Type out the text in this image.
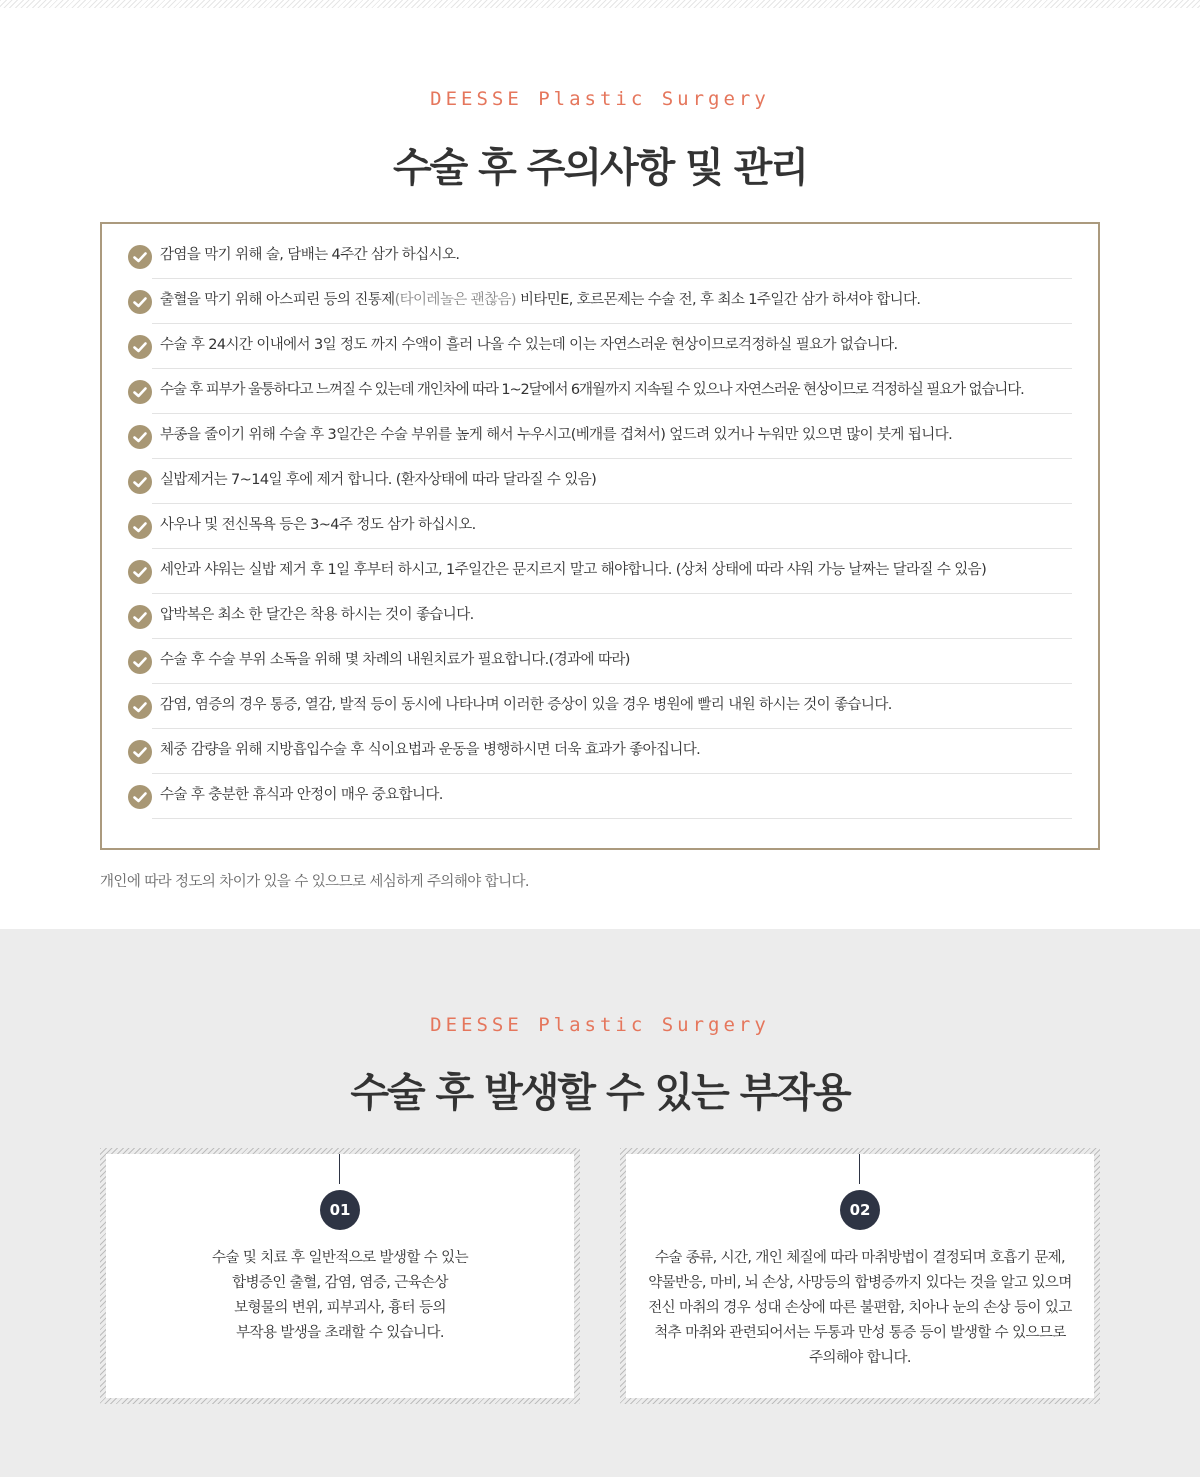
DEESSE Plastic Surgery
수술 후 주의사항 및 관리
감염을 막기 위해 술, 담배는 4주간 삼가 하십시오.
출혈을 막기 위해 아스피린 등의 진통제(타이레놀은 괜찮음) 비타민E, 호르몬제는 수술 전, 후 최소 1주일간 삼가 하셔야 합니다.
수술 후 24시간 이내에서 3일 정도 까지 수액이 흘러 나올 수 있는데 이는 자연스러운 현상이므로걱정하실 필요가 없습니다.
수술 후 피부가 울퉁하다고 느껴질 수 있는데 개인차에 따라 1~2달에서 6개월까지 지속될 수 있으나 자연스러운 현상이므로 걱정하실 필요가 없습니다.
부종을 줄이기 위해 수술 후 3일간은 수술 부위를 높게 해서 누우시고(베개를 겹쳐서) 엎드려 있거나 누워만 있으면 많이 붓게 됩니다.
실밥제거는 7~14일 후에 제거 합니다. (환자상태에 따라 달라질 수 있음)
사우나 및 전신목욕 등은 3~4주 정도 삼가 하십시오.
세안과 샤워는 실밥 제거 후 1일 후부터 하시고, 1주일간은 문지르지 말고 해야합니다. (상처 상태에 따라 샤워 가능 날짜는 달라질 수 있음)
압박복은 최소 한 달간은 착용 하시는 것이 좋습니다.
수술 후 수술 부위 소독을 위해 몇 차례의 내원치료가 필요합니다.(경과에 따라)
감염, 염증의 경우 통증, 열감, 발적 등이 동시에 나타나며 이러한 증상이 있을 경우 병원에 빨리 내원 하시는 것이 좋습니다.
체중 감량을 위해 지방흡입수술 후 식이요법과 운동을 병행하시면 더욱 효과가 좋아집니다.
수술 후 충분한 휴식과 안정이 매우 중요합니다.
개인에 따라 정도의 차이가 있을 수 있으므로 세심하게 주의해야 합니다.
DEESSE Plastic Surgery
수술 후 발생할 수 있는 부작용
01
수술 및 치료 후 일반적으로 발생할 수 있는
합병증인 출혈, 감염, 염증, 근육손상
보형물의 변위, 피부괴사, 흉터 등의
부작용 발생을 초래할 수 있습니다.
02
수술 종류, 시간, 개인 체질에 따라 마취방법이 결정되며 호흡기 문제,
약물반응, 마비, 뇌 손상, 사망등의 합병증까지 있다는 것을 알고 있으며
전신 마취의 경우 성대 손상에 따른 불편함, 치아나 눈의 손상 등이 있고
척추 마취와 관련되어서는 두통과 만성 통증 등이 발생할 수 있으므로
주의해야 합니다.
